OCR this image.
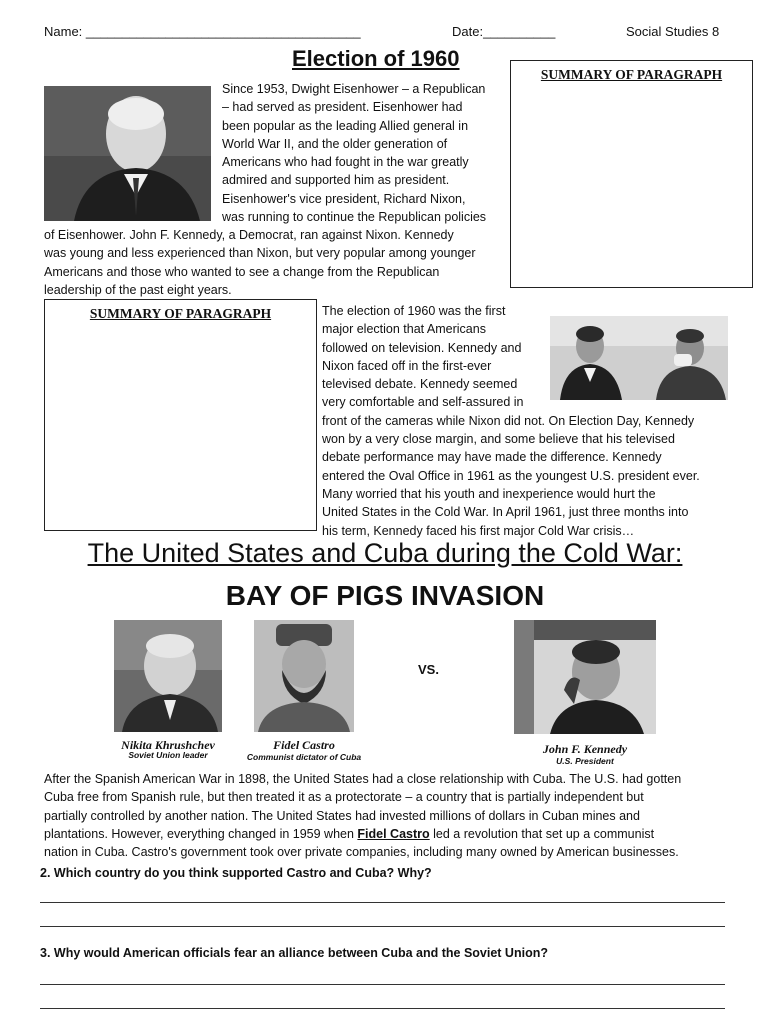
Name: ______________________________________	Date:__________	Social Studies 8
Election of 1960
Since 1953, Dwight Eisenhower – a Republican
– had served as president. Eisenhower had
been popular as the leading Allied general in
World War II, and the older generation of
Americans who had fought in the war greatly
admired and supported him as president.
Eisenhower's vice president, Richard Nixon,
was running to continue the Republican policies
of Eisenhower. John F. Kennedy, a Democrat, ran against Nixon. Kennedy
was young and less experienced than Nixon, but very popular among younger
Americans and those who wanted to see a change from the Republican
leadership of the past eight years.
SUMMARY OF PARAGRAPH
SUMMARY OF PARAGRAPH	The election of 1960 was the first
major election that Americans
followed on television. Kennedy and
Nixon faced off in the first-ever
televised debate. Kennedy seemed
very comfortable and self-assured in
front of the cameras while Nixon did not. On Election Day, Kennedy
won by a very close margin, and some believe that his televised
debate performance may have made the difference. Kennedy
entered the Oval Office in 1961 as the youngest U.S. president ever.
Many worried that his youth and inexperience would hurt the
United States in the Cold War. In April 1961, just three months into
his term, Kennedy faced his first major Cold War crisis…
The United States and Cuba during the Cold War:
BAY OF PIGS INVASION
Nikita Khrushchev
Soviet Union leader
Fidel Castro
Communist dictator of Cuba
VS.
John F. Kennedy
U.S. President
After the Spanish American War in 1898, the United States had a close relationship with Cuba. The U.S. had gotten
Cuba free from Spanish rule, but then treated it as a protectorate – a country that is partially independent but
partially controlled by another nation. The United States had invested millions of dollars in Cuban mines and
plantations. However, everything changed in 1959 when Fidel Castro led a revolution that set up a communist
nation in Cuba. Castro's government took over private companies, including many owned by American businesses.
2. Which country do you think supported Castro and Cuba? Why?
3. Why would American officials fear an alliance between Cuba and the Soviet Union?
